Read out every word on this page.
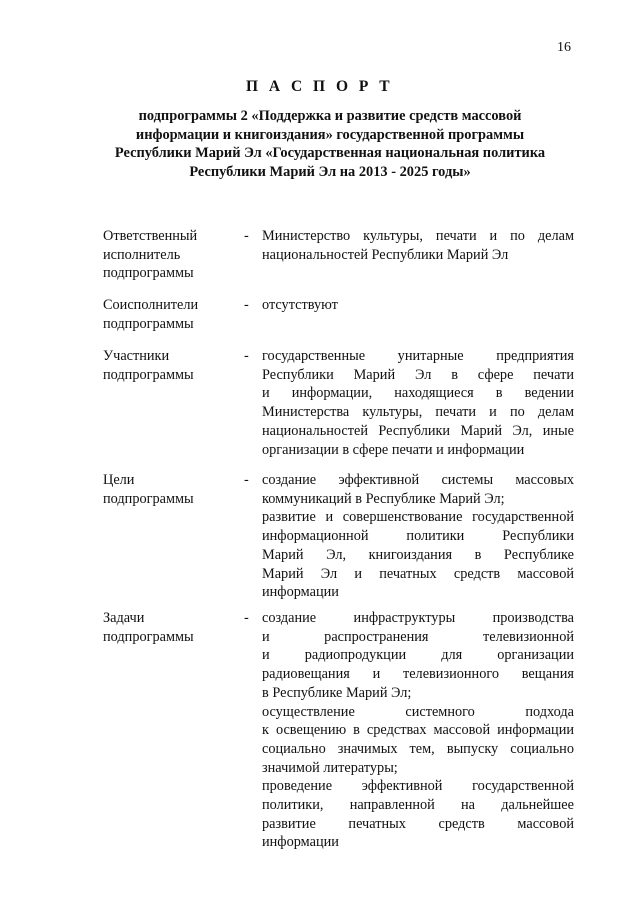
16
П А С П О Р Т
подпрограммы 2 «Поддержка и развитие средств массовой
информации и книгоиздания» государственной программы
Республики Марий Эл «Государственная национальная политика
Республики Марий Эл на 2013 - 2025 годы»
Ответственный
исполнитель
подпрограммы
- Министерство культуры, печати и по делам
национальностей Республики Марий Эл
Соисполнители
подпрограммы
- отсутствуют
Участники
подпрограммы
- государственные унитарные предприятия
Республики Марий Эл в сфере печати
и информации, находящиеся в ведении
Министерства культуры, печати и по делам
национальностей Республики Марий Эл, иные
организации в сфере печати и информации
Цели
подпрограммы
- создание эффективной системы массовых
коммуникаций в Республике Марий Эл;
развитие и совершенствование государственной
информационной политики Республики
Марий Эл, книгоиздания в Республике
Марий Эл и печатных средств массовой
информации
Задачи
подпрограммы
- создание инфраструктуры производства
и распространения телевизионной
и радиопродукции для организации
радиовещания и телевизионного вещания
в Республике Марий Эл;
осуществление системного подхода
к освещению в средствах массовой информации
социально значимых тем, выпуску социально
значимой литературы;
проведение эффективной государственной
политики, направленной на дальнейшее
развитие печатных средств массовой
информации
